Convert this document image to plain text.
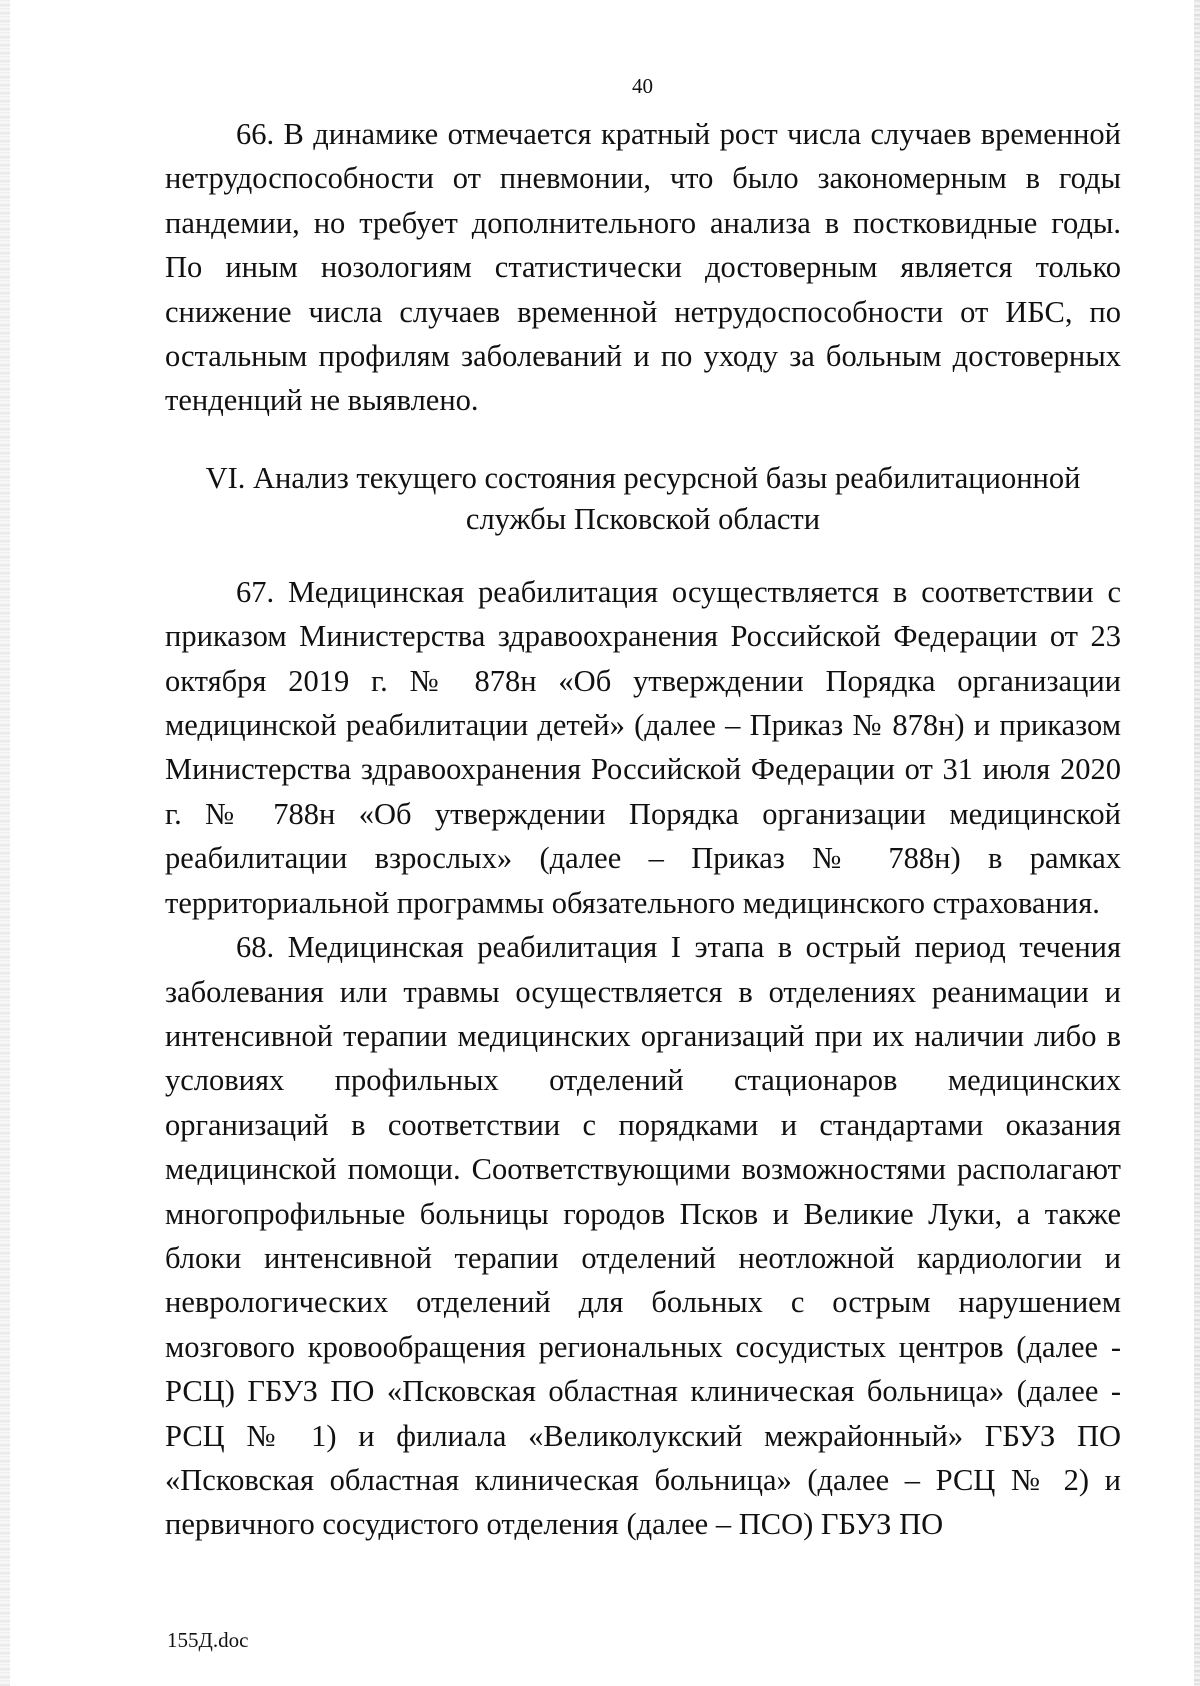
40

66. В динамике отмечается кратный рост числа случаев временной нетрудоспособности от пневмонии, что было закономерным в годы пандемии, но требует дополнительного анализа в постковидные годы. По иным нозологиям статистически достоверным является только снижение числа случаев временной нетрудоспособности от ИБС, по остальным профилям заболеваний и по уходу за больным достоверных тенденций не выявлено.

VI. Анализ текущего состояния ресурсной базы реабилитационной
службы Псковской области

67. Медицинская реабилитация осуществляется в соответствии с приказом Министерства здравоохранения Российской Федерации от 23 октября 2019 г. № 878н «Об утверждении Порядка организации медицинской реабилитации детей» (далее – Приказ № 878н) и приказом Министерства здравоохранения Российской Федерации от 31 июля 2020 г. № 788н «Об утверждении Порядка организации медицинской реабилитации взрослых» (далее – Приказ № 788н) в рамках территориальной программы обязательного медицинского страхования.

68. Медицинская реабилитация I этапа в острый период течения заболевания или травмы осуществляется в отделениях реанимации и интенсивной терапии медицинских организаций при их наличии либо в условиях профильных отделений стационаров медицинских организаций в соответствии с порядками и стандартами оказания медицинской помощи. Соответствующими возможностями располагают многопрофильные больницы городов Псков и Великие Луки, а также блоки интенсивной терапии отделений неотложной кардиологии и неврологических отделений для больных с острым нарушением мозгового кровообращения региональных сосудистых центров (далее - РСЦ) ГБУЗ ПО «Псковская областная клиническая больница» (далее - РСЦ № 1) и филиала «Великолукский межрайонный» ГБУЗ ПО «Псковская областная клиническая больница» (далее – РСЦ № 2) и первичного сосудистого отделения (далее – ПСО) ГБУЗ ПО

155Д.doc
